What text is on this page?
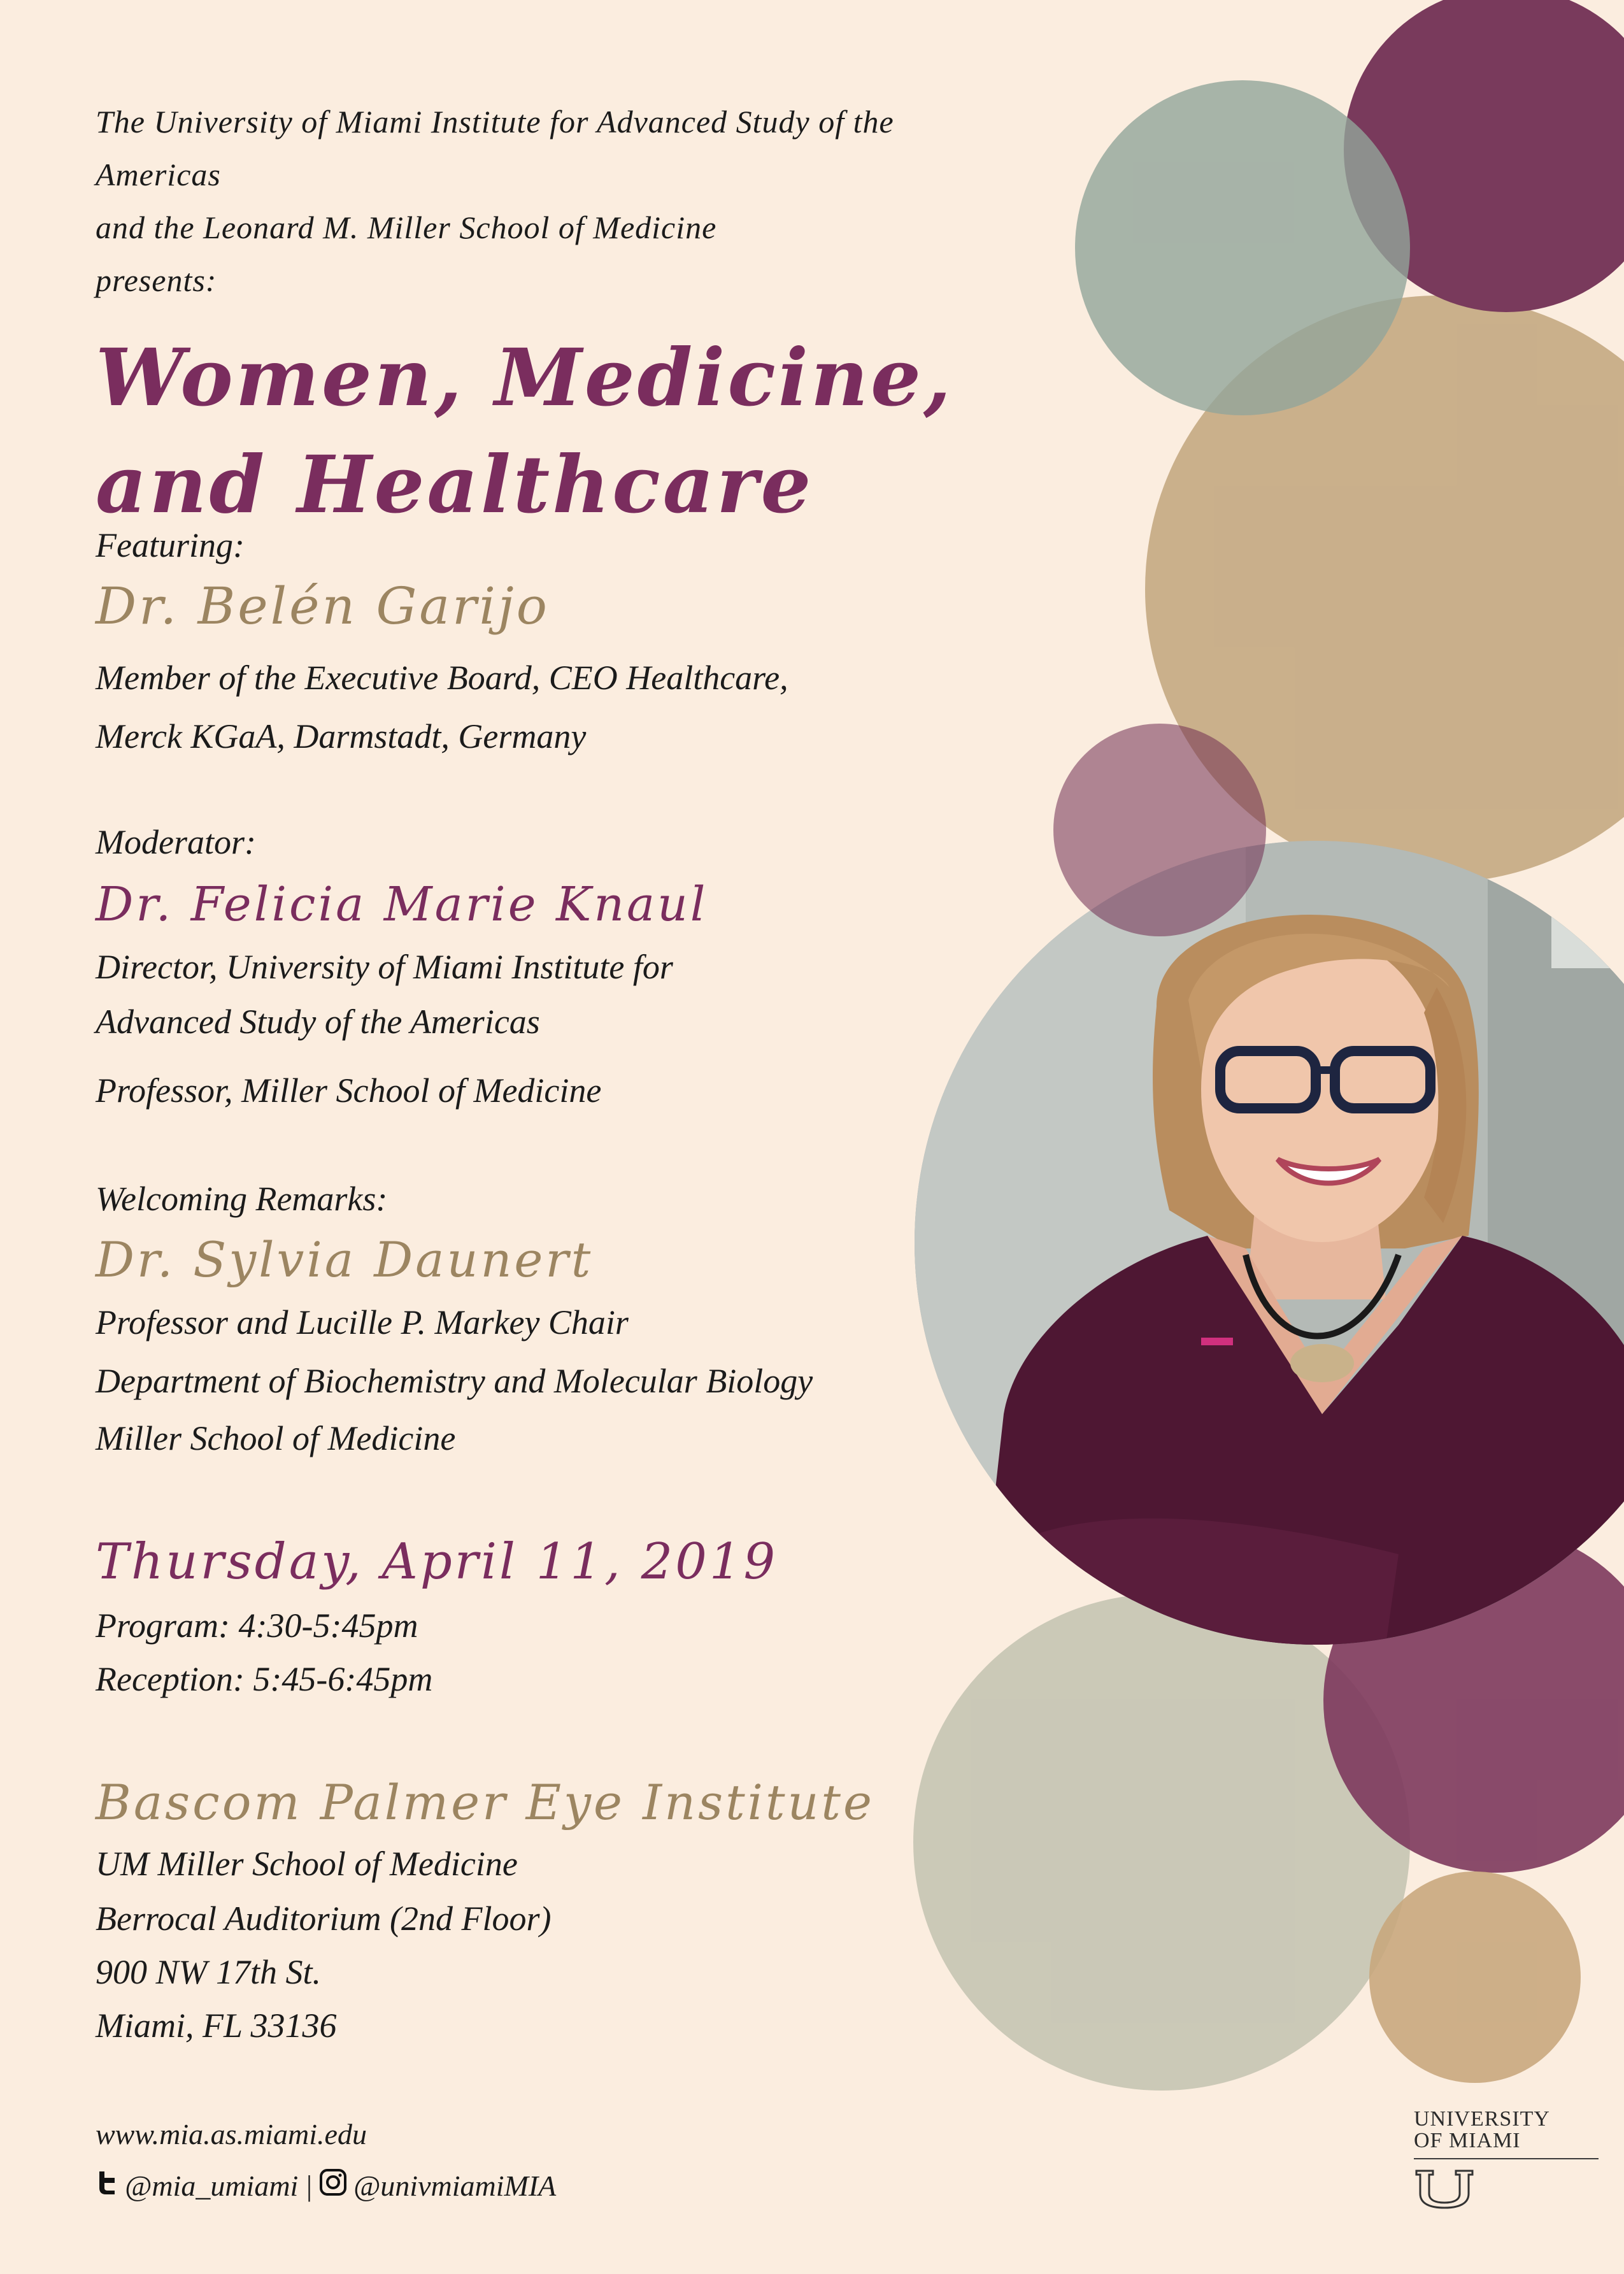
The University of Miami Institute for Advanced Study of the Americas

and the Leonard M. Miller School of Medicine

presents:

Women, Medicine,
and Healthcare
Featuring:
Dr. Belén Garijo
Member of the Executive Board, CEO Healthcare,
Merck KGaA, Darmstadt, Germany
Moderator:
Dr. Felicia Marie Knaul
Director, University of Miami Institute for
Advanced Study of the Americas
Professor, Miller School of Medicine
Welcoming Remarks:
Dr. Sylvia Daunert
Professor and Lucille P. Markey Chair
Department of Biochemistry and Molecular Biology
Miller School of Medicine
Thursday, April 11, 2019
Program: 4:30-5:45pm
Reception: 5:45-6:45pm
Bascom Palmer Eye Institute
UM Miller School of Medicine
Berrocal Auditorium (2nd Floor)
900 NW 17th St.
Miami, FL 33136
www.mia.as.miami.edu
@mia_umiami | @univmiamiMIA
UNIVERSITY
OF MIAMI
